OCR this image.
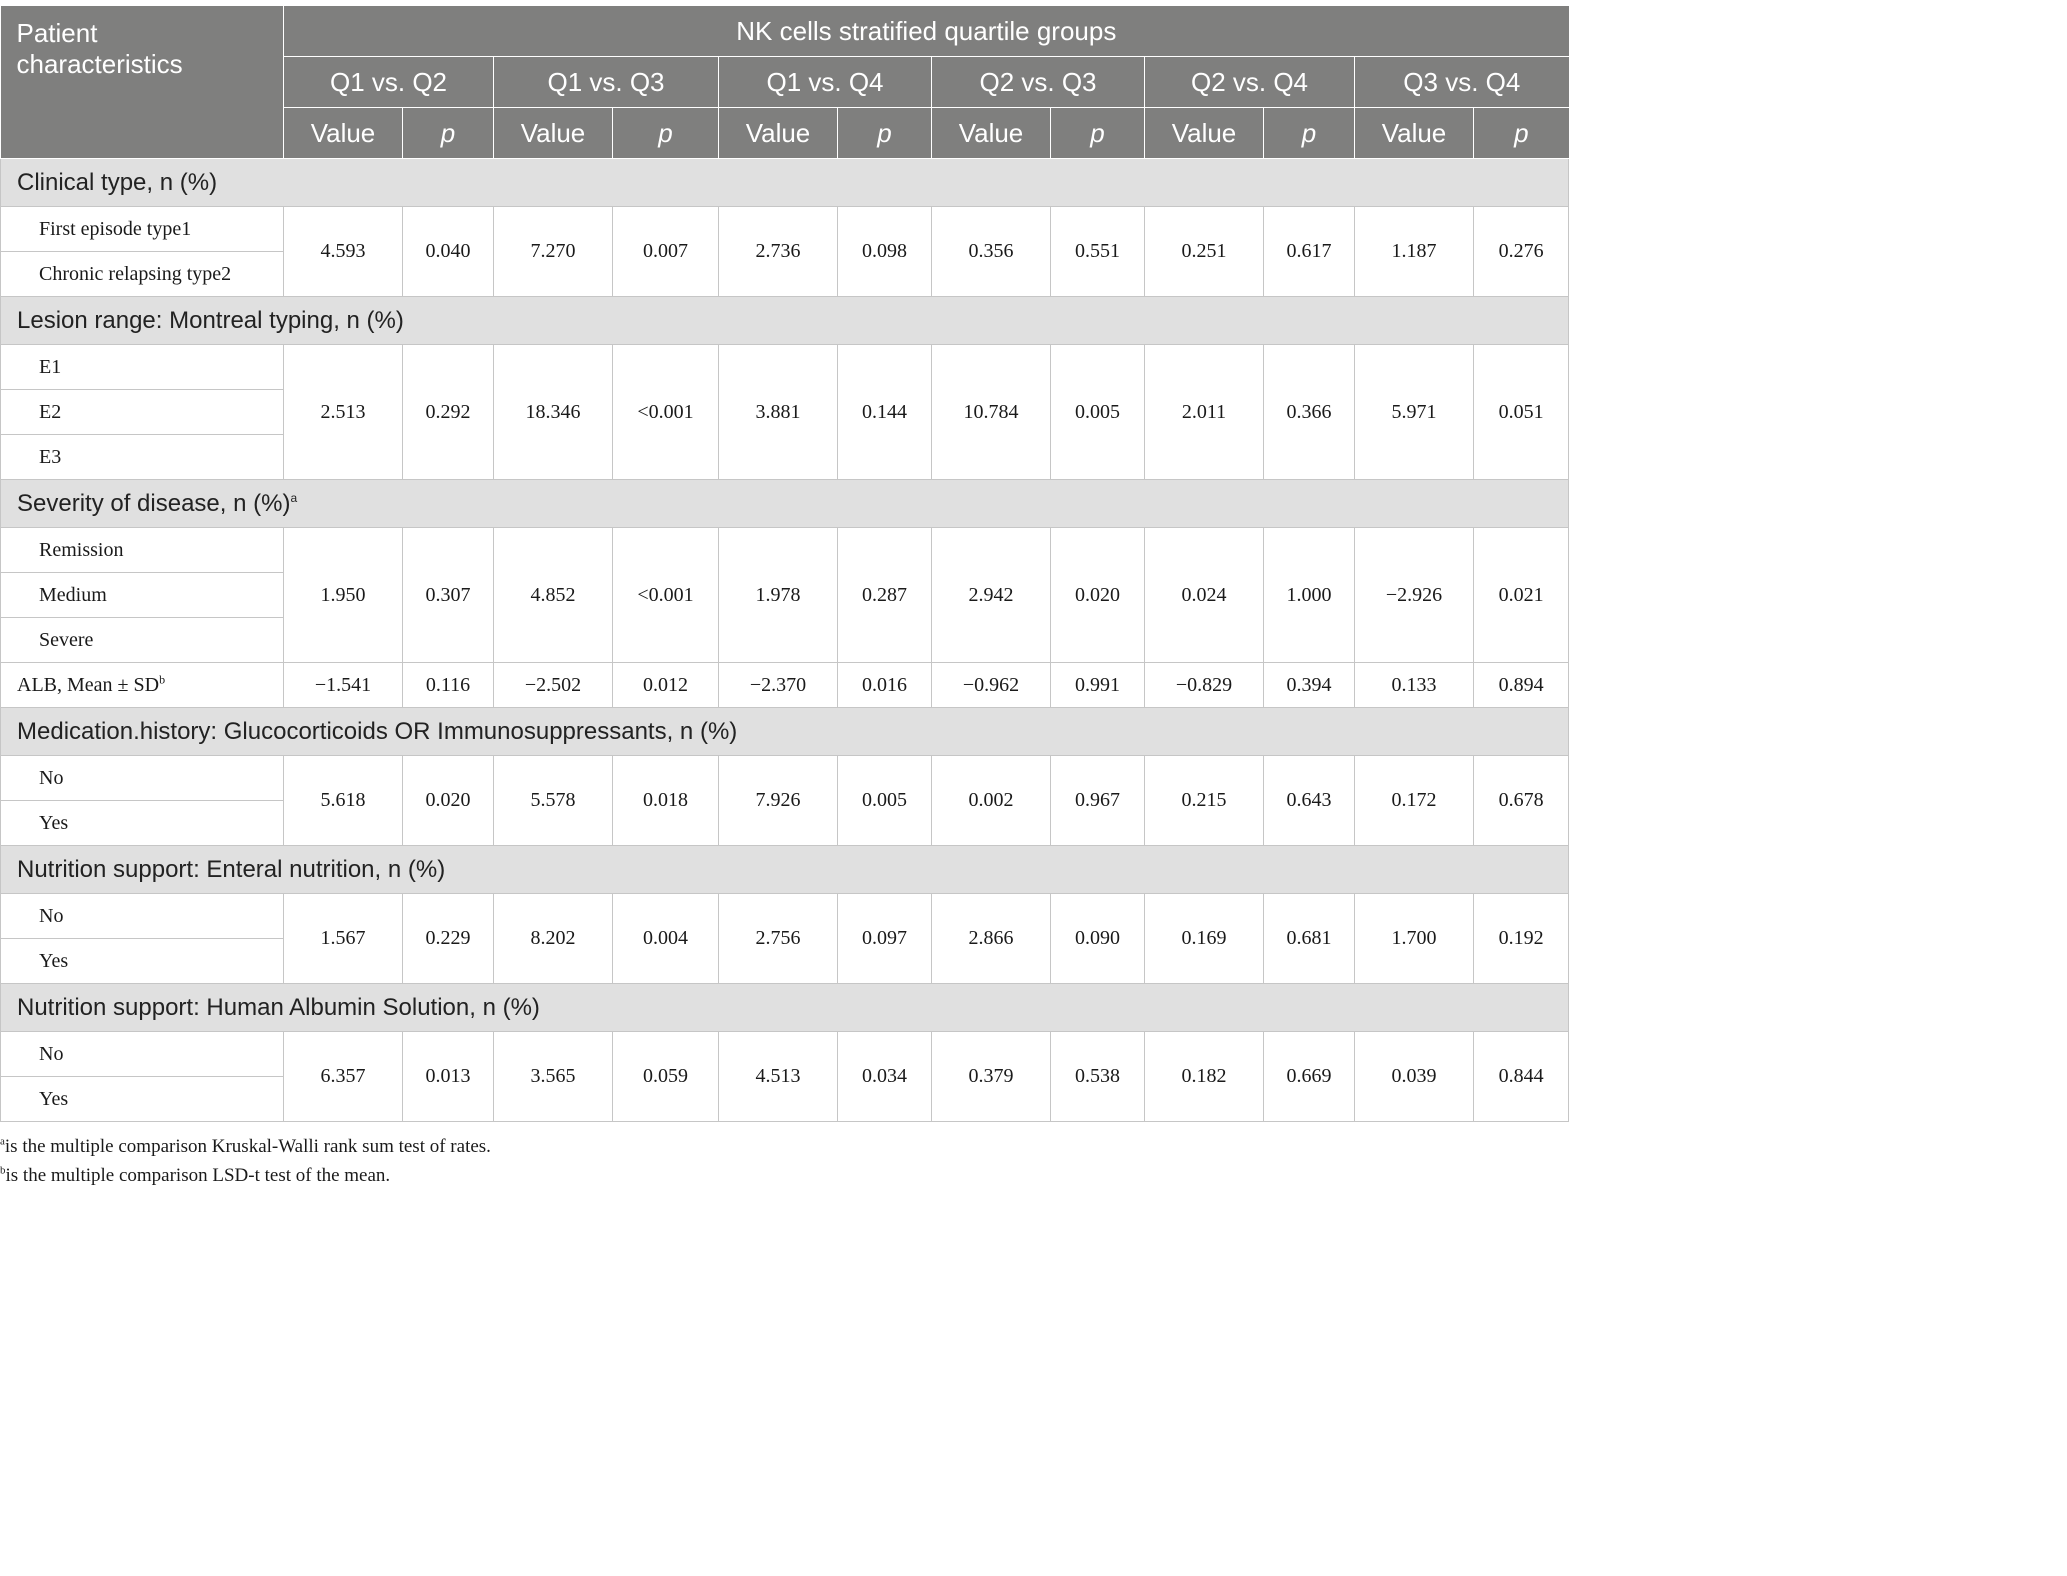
Patient characteristics	NK cells stratified quartile groups											
	Q1 vs. Q2		Q1 vs. Q3		Q1 vs. Q4		Q2 vs. Q3		Q2 vs. Q4		Q3 vs. Q4	
	Value	p	Value	p	Value	p	Value	p	Value	p	Value	p
Clinical type, n (%)												
First episode type1	4.593	0.040	7.270	0.007	2.736	0.098	0.356	0.551	0.251	0.617	1.187	0.276
Chronic relapsing type2												
Lesion range: Montreal typing, n (%)												
E1	2.513	0.292	18.346	<0.001	3.881	0.144	10.784	0.005	2.011	0.366	5.971	0.051
E2												
E3												
Severity of disease, n (%)$^a$
Remission	1.950	0.307	4.852	<0.001	1.978	0.287	2.942	0.020	0.024	1.000	−2.926	0.021
Medium												
Severe												
ALB, Mean ± $SD^b$	−1.541	0.116	−2.502	0.012	−2.370	0.016	−0.962	0.991	−0.829	0.394	0.133	0.894
Medication.history: Glucocorticoids OR Immunosuppressants, n (%)												
No	5.618	0.020	5.578	0.018	7.926	0.005	0.002	0.967	0.215	0.643	0.172	0.678
Yes												
Nutrition support: Enteral nutrition, n (%)												
No	1.567	0.229	8.202	0.004	2.756	0.097	2.866	0.090	0.169	0.681	1.700	0.192
Yes												
Nutrition support: Human Albumin Solution, n (%)												
No	6.357	0.013	3.565	0.059	4.513	0.034	0.379	0.538	0.182	0.669	0.039	0.844
Yes												
$^a$is the multiple comparison Kruskal-Walli rank sum test of rates.
$^b$is the multiple comparison LSD-t test of the mean.
